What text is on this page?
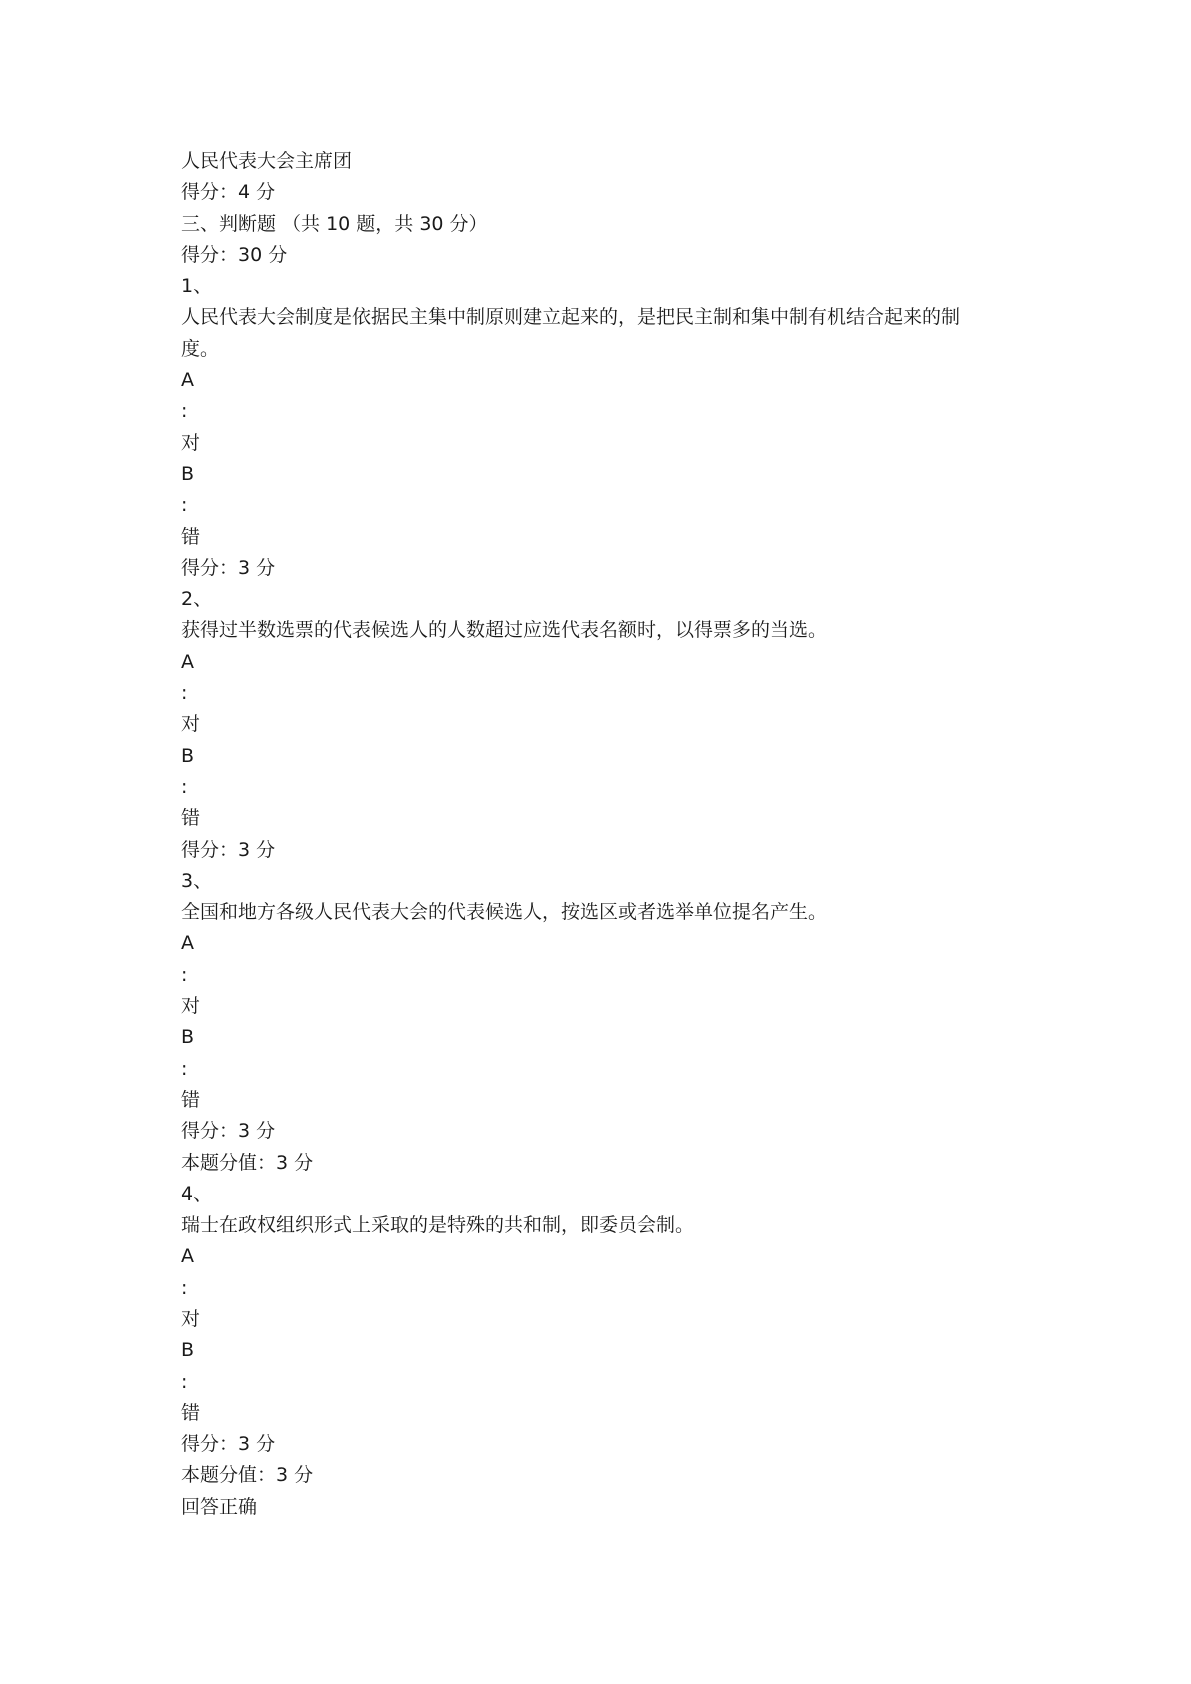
人民代表大会主席团
得分：4 分
三、判断题 （共 10 题，共 30 分）
得分：30 分
1、
人民代表大会制度是依据民主集中制原则建立起来的，是把民主制和集中制有机结合起来的制度。
A
:
对
B
:
错
得分：3 分
2、
获得过半数选票的代表候选人的人数超过应选代表名额时，以得票多的当选。
A
:
对
B
:
错
得分：3 分
3、
全国和地方各级人民代表大会的代表候选人，按选区或者选举单位提名产生。
A
:
对
B
:
错
得分：3 分
本题分值：3 分
4、
瑞士在政权组织形式上采取的是特殊的共和制，即委员会制。
A
:
对
B
:
错
得分：3 分
本题分值：3 分
回答正确
